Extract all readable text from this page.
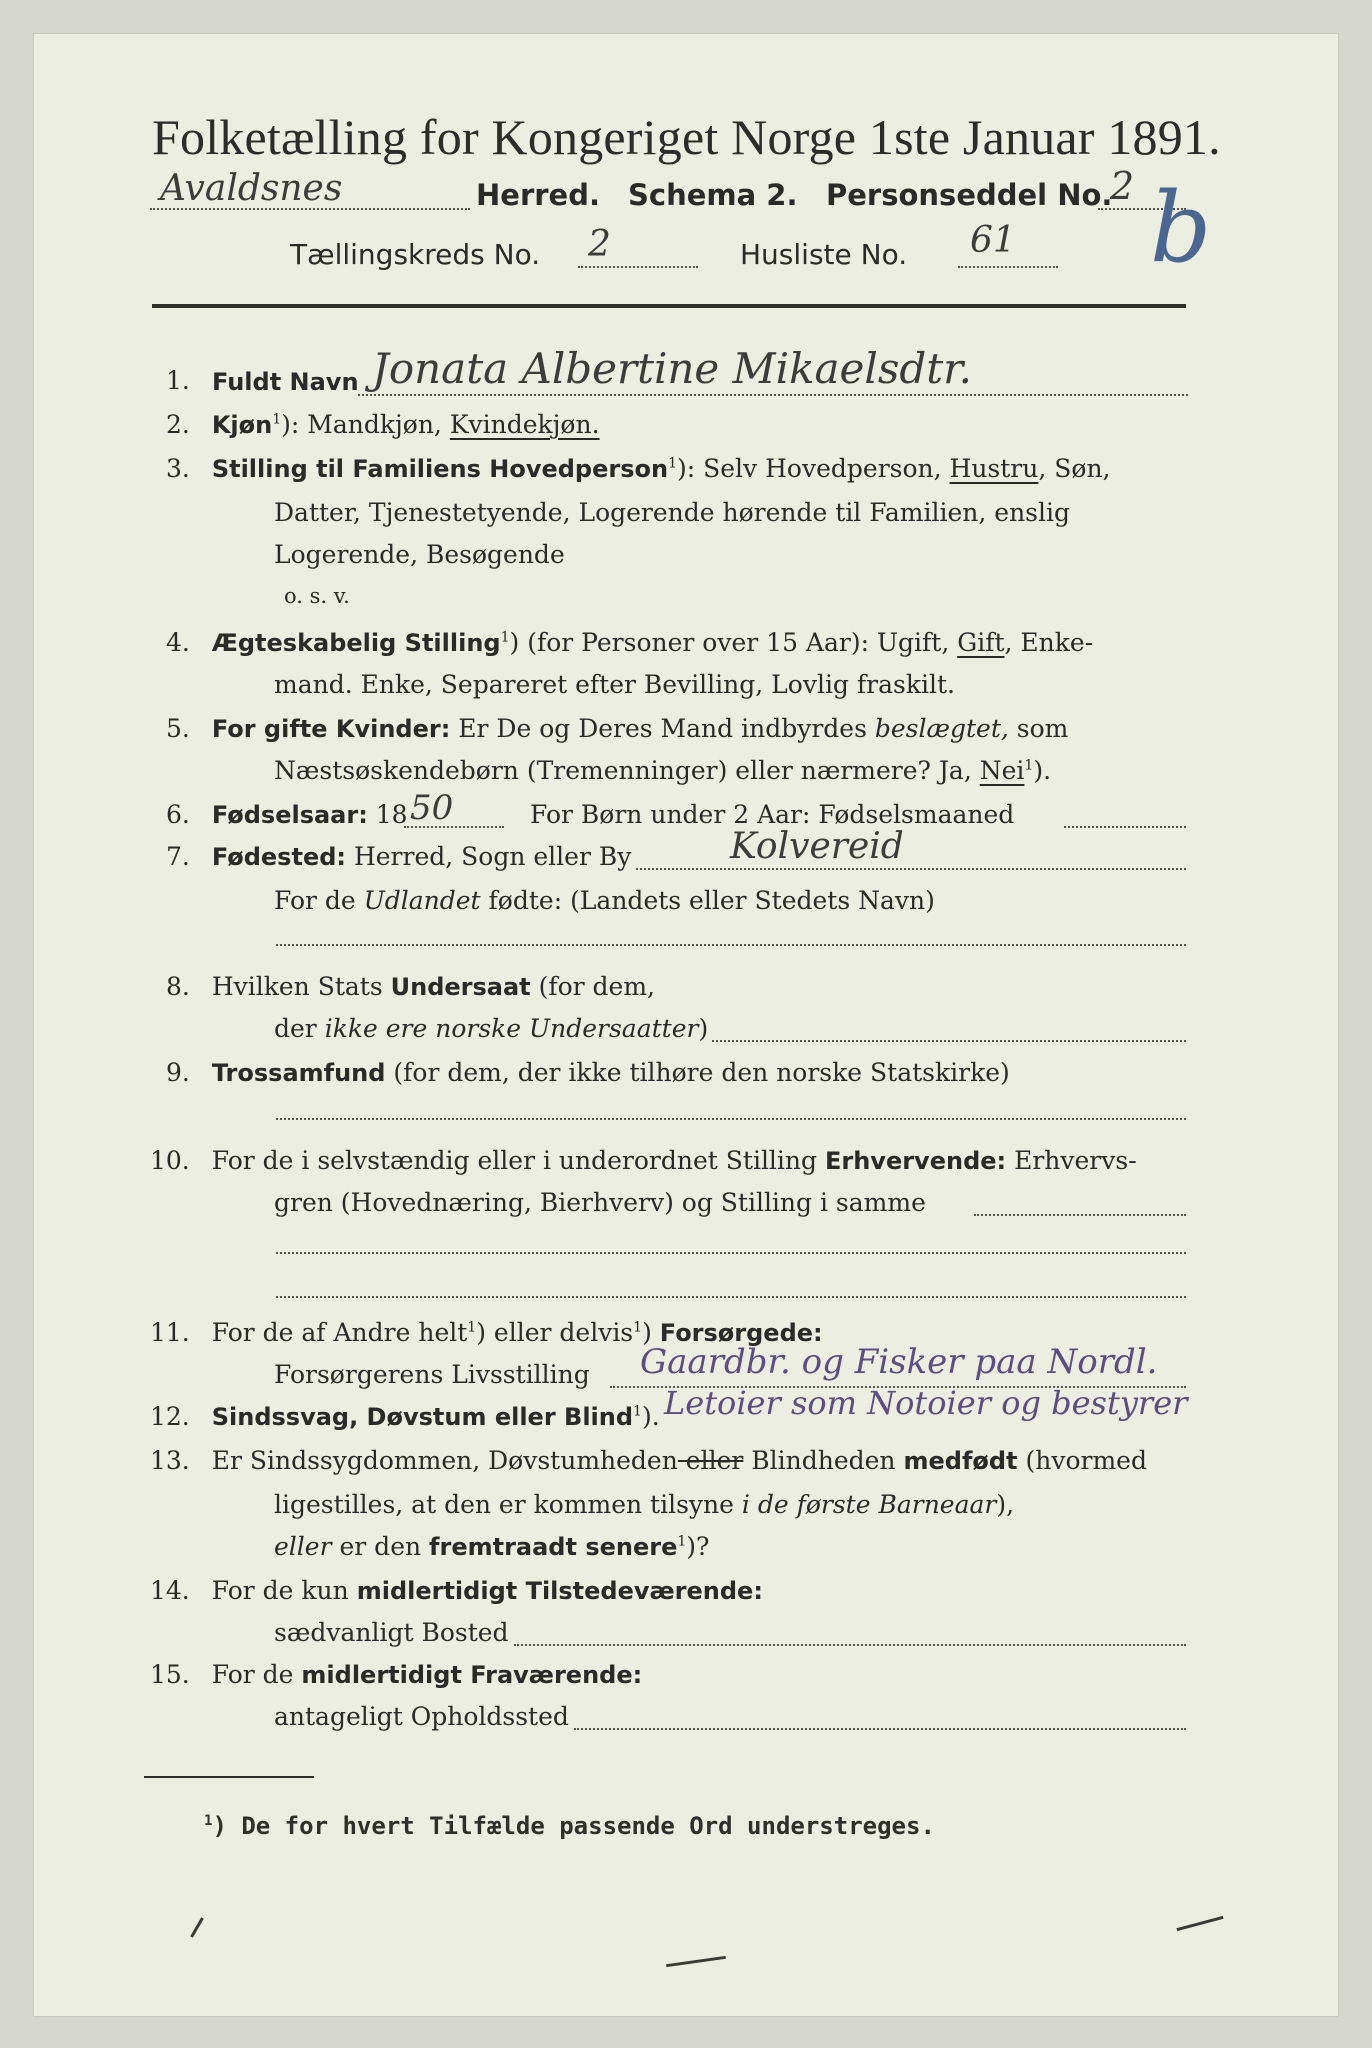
Folketælling for Kongeriget Norge 1ste Januar 1891.
Avaldsnes	Herred. Schema 2. Personseddel No.
2 b
Tællingskreds No. 2	Husliste No. 61
1. Fuldt Navn Jonata Albertine Mikaelsdtr.
2. Kjøn$^1$): Mandkjøn, Kvindekjøn.
3. Stilling til Familiens Hovedperson$^1$): Selv Hovedperson, Hustru, Søn,
Datter, Tjenestetyende, Logerende hørende til Familien, enslig
Logerende, Besøgende
o. s. v.
4. Ægteskabelig Stilling$^1$) (for Personer over 15 Aar): Ugift, Gift, Enke-
mand. Enke, Separeret efter Bevilling, Lovlig fraskilt.
5. For gifte Kvinder: Er De og Deres Mand indbyrdes beslægtet, som
Næstsøskendebørn (Tremenninger) eller nærmere? Ja, Nei$^1$).
6. Fødselsaar: 18 50	For Børn under 2 Aar: Fødselsmaaned
7. Fødested: Herred, Sogn eller By	Kolvereid
For de Udlandet fødte: (Landets eller Stedets Navn)
8. Hvilken Stats Undersaat (for dem,
der ikke ere norske Undersaatter)
9. Trossamfund (for dem, der ikke tilhøre den norske Statskirke)
10. For de i selvstændig eller i underordnet Stilling Erhvervende: Erhvervs-
gren (Hovednæring, Bierhverv) og Stilling i samme
11. For de af Andre helt$^1$) eller delvis$^1$) Forsørgede:
Forsørgerens Livsstilling Gaardbr. og Fisker paa Nordl.
12. Sindssvag, Døvstum eller Blind$^1$). Letoier som Notoier og bestyrer
13. Er Sindssygdommen, Døvstumheden eller Blindheden medfødt (hvormed
ligestilles, at den er kommen tilsyne i de første Barneaar),
eller er den fremtraadt senere$^1$)?
14. For de kun midlertidigt Tilstedeværende:
sædvanligt Bosted
15. For de midlertidigt Fraværende:
antageligt Opholdssted
$^1$) De for hvert Tilfælde passende Ord understreges.
